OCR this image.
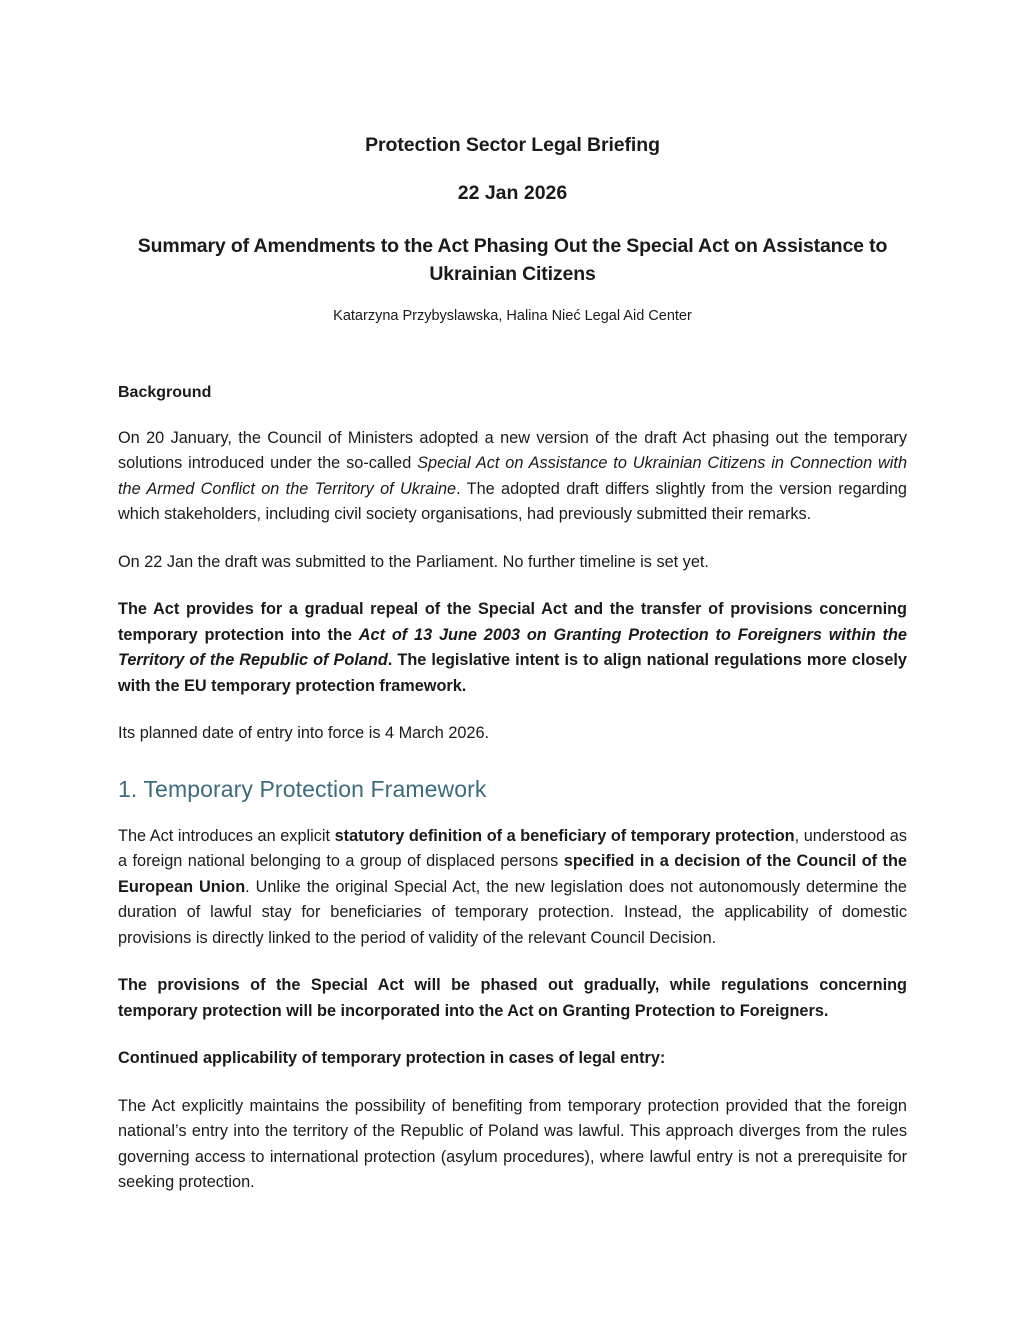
Protection Sector Legal Briefing
22 Jan 2026
Summary of Amendments to the Act Phasing Out the Special Act on Assistance to Ukrainian Citizens
Katarzyna Przybyslawska, Halina Nieć Legal Aid Center
Background

On 20 January, the Council of Ministers adopted a new version of the draft Act phasing out the temporary solutions introduced under the so-called Special Act on Assistance to Ukrainian Citizens in Connection with the Armed Conflict on the Territory of Ukraine. The adopted draft differs slightly from the version regarding which stakeholders, including civil society organisations, had previously submitted their remarks.

On 22 Jan the draft was submitted to the Parliament. No further timeline is set yet.

The Act provides for a gradual repeal of the Special Act and the transfer of provisions concerning temporary protection into the Act of 13 June 2003 on Granting Protection to Foreigners within the Territory of the Republic of Poland. The legislative intent is to align national regulations more closely with the EU temporary protection framework.

Its planned date of entry into force is 4 March 2026.

1. Temporary Protection Framework

The Act introduces an explicit statutory definition of a beneficiary of temporary protection, understood as a foreign national belonging to a group of displaced persons specified in a decision of the Council of the European Union. Unlike the original Special Act, the new legislation does not autonomously determine the duration of lawful stay for beneficiaries of temporary protection. Instead, the applicability of domestic provisions is directly linked to the period of validity of the relevant Council Decision.

The provisions of the Special Act will be phased out gradually, while regulations concerning temporary protection will be incorporated into the Act on Granting Protection to Foreigners.

Continued applicability of temporary protection in cases of legal entry:

The Act explicitly maintains the possibility of benefiting from temporary protection provided that the foreign national’s entry into the territory of the Republic of Poland was lawful. This approach diverges from the rules governing access to international protection (asylum procedures), where lawful entry is not a prerequisite for seeking protection.
